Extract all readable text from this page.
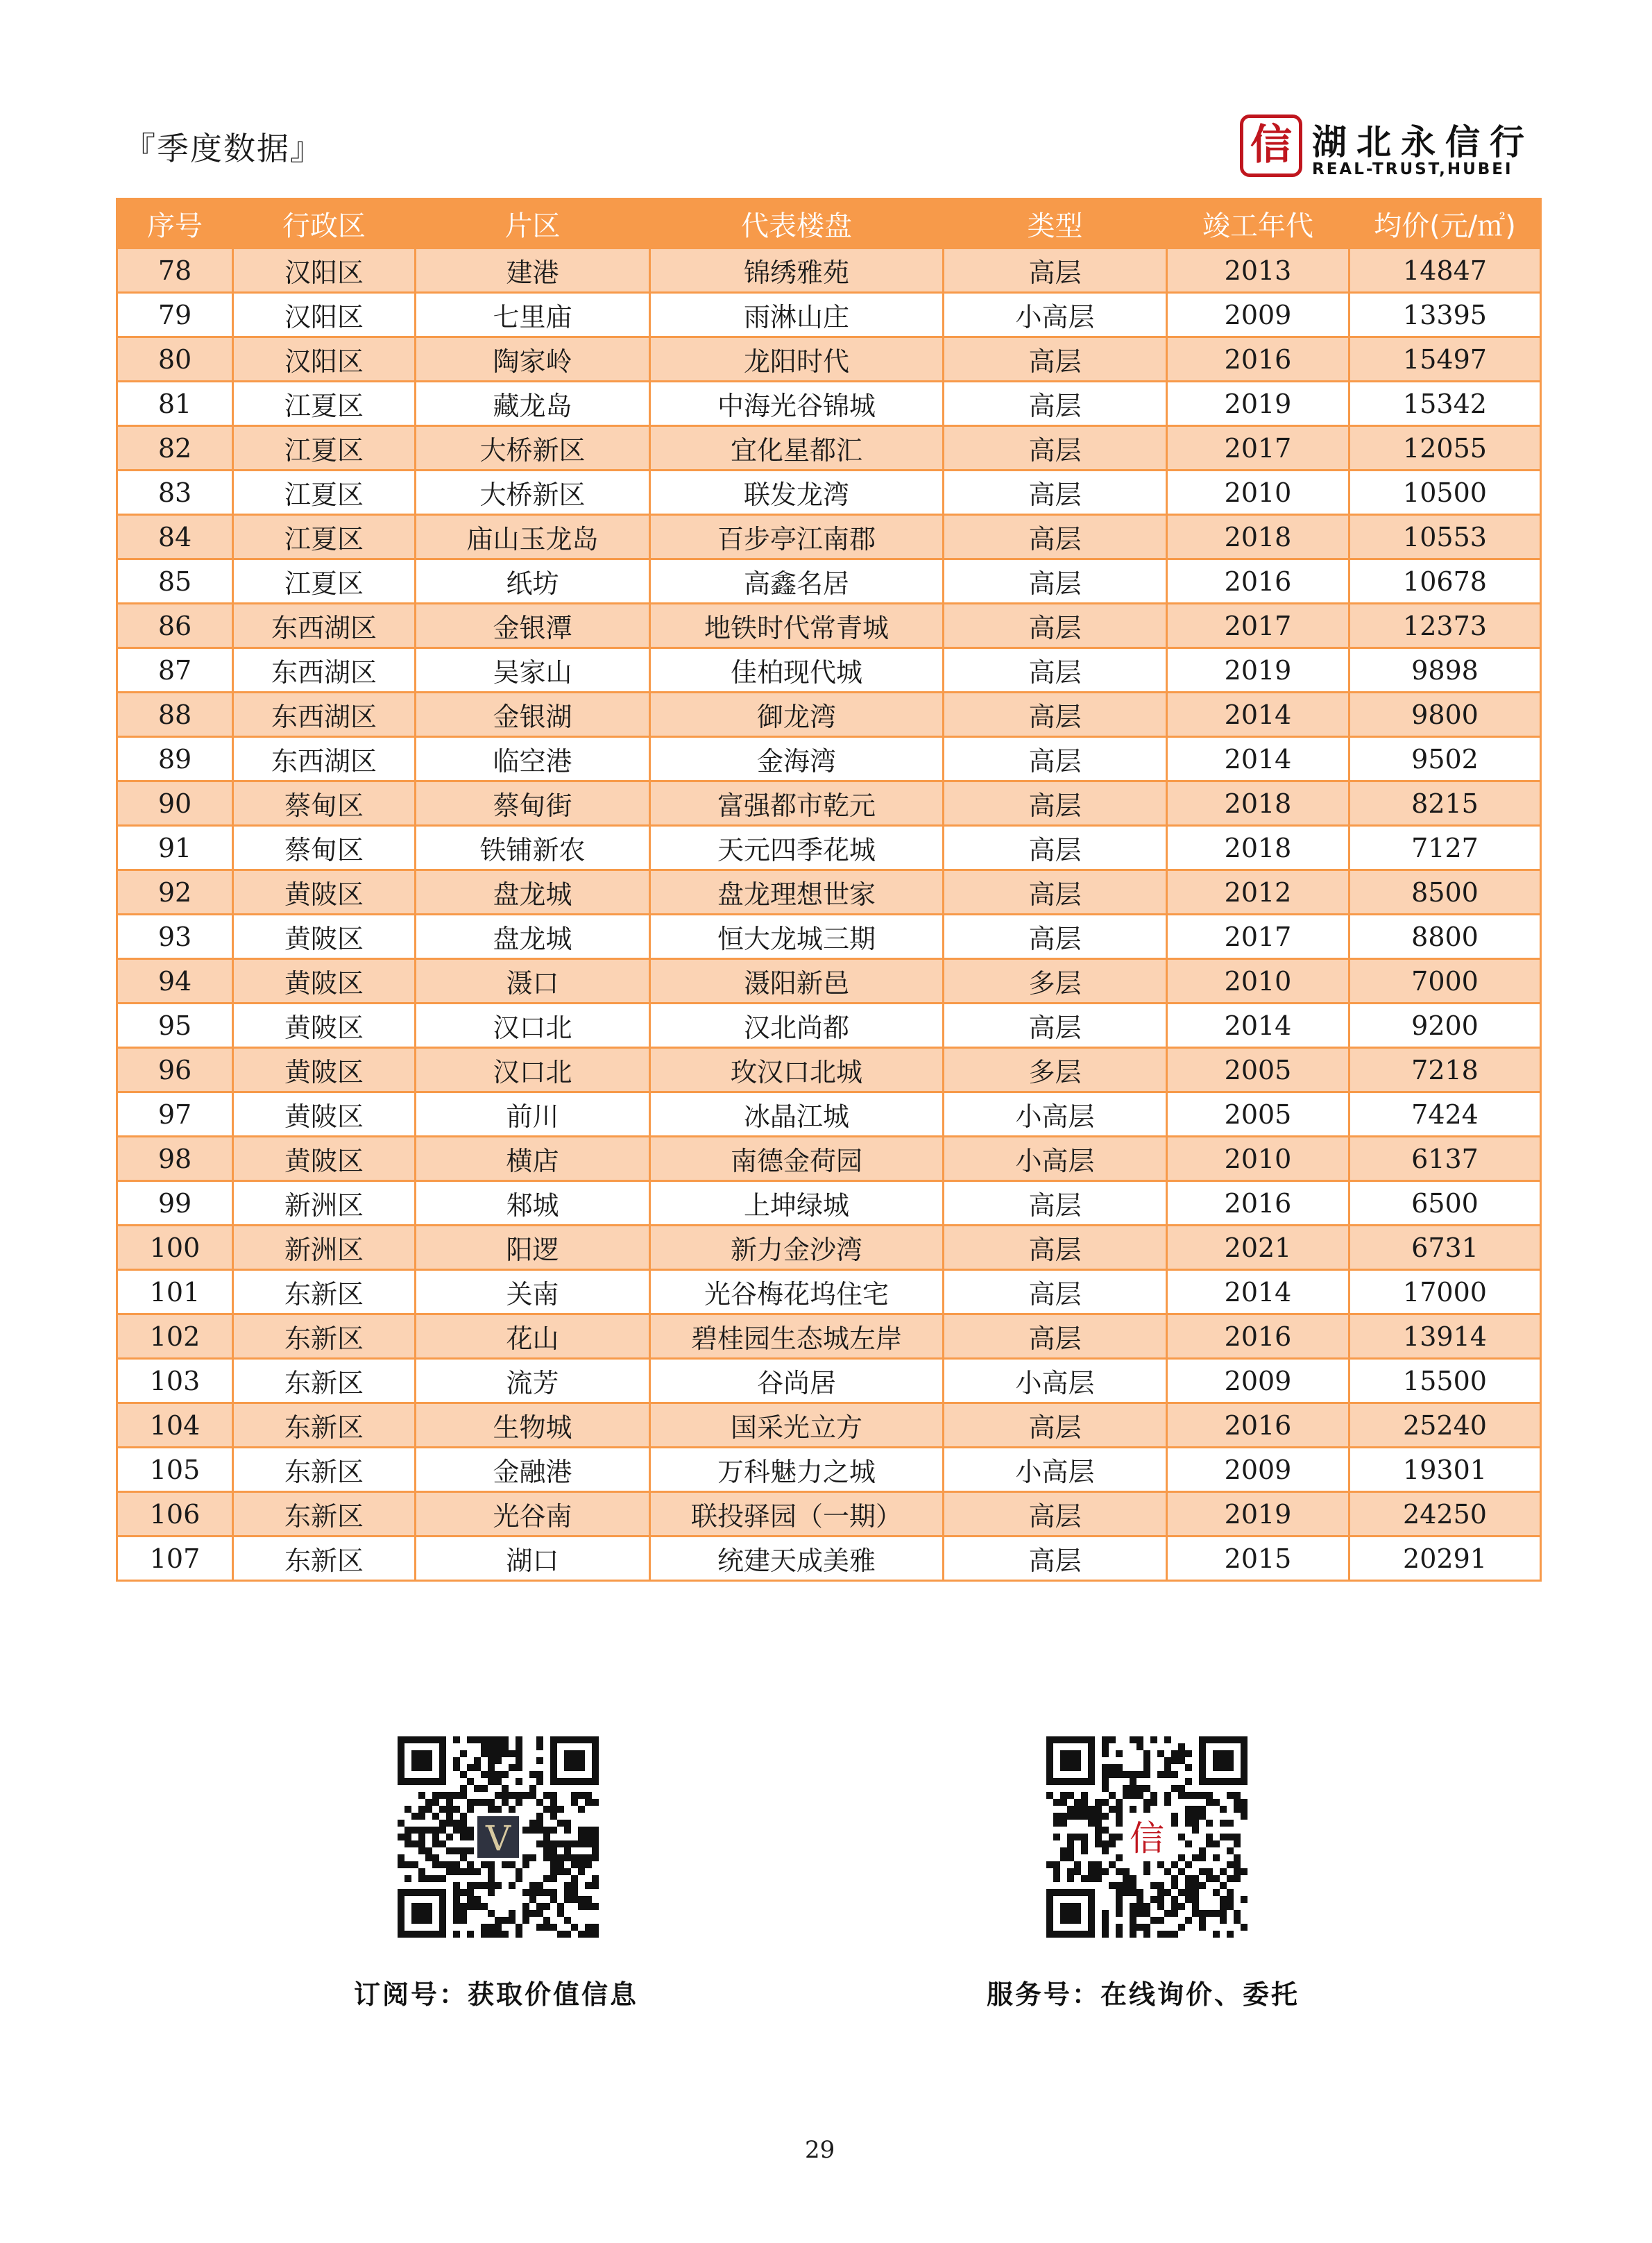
『季度数据』	信 湖北永信行
REAL-TRUST,HUBEI
序号	行政区	片区	代表楼盘	类型	竣工年代	均价(元/㎡)
78	汉阳区	建港	锦绣雅苑	高层	2013	14847
79	汉阳区	七里庙	雨淋山庄	小高层	2009	13395
80	汉阳区	陶家岭	龙阳时代	高层	2016	15497
81	江夏区	藏龙岛	中海光谷锦城	高层	2019	15342
82	江夏区	大桥新区	宜化星都汇	高层	2017	12055
83	江夏区	大桥新区	联发龙湾	高层	2010	10500
84	江夏区	庙山玉龙岛	百步亭江南郡	高层	2018	10553
85	江夏区	纸坊	高鑫名居	高层	2016	10678
86	东西湖区	金银潭	地铁时代常青城	高层	2017	12373
87	东西湖区	吴家山	佳柏现代城	高层	2019	9898
88	东西湖区	金银湖	御龙湾	高层	2014	9800
89	东西湖区	临空港	金海湾	高层	2014	9502
90	蔡甸区	蔡甸街	富强都市乾元	高层	2018	8215
91	蔡甸区	铁铺新农	天元四季花城	高层	2018	7127
92	黄陂区	盘龙城	盘龙理想世家	高层	2012	8500
93	黄陂区	盘龙城	恒大龙城三期	高层	2017	8800
94	黄陂区	滠口	滠阳新邑	多层	2010	7000
95	黄陂区	汉口北	汉北尚都	高层	2014	9200
96	黄陂区	汉口北	玫汉口北城	多层	2005	7218
97	黄陂区	前川	冰晶江城	小高层	2005	7424
98	黄陂区	横店	南德金荷园	小高层	2010	6137
99	新洲区	邾城	上坤绿城	高层	2016	6500
100	新洲区	阳逻	新力金沙湾	高层	2021	6731
101	东新区	关南	光谷梅花坞住宅	高层	2014	17000
102	东新区	花山	碧桂园生态城左岸	高层	2016	13914
103	东新区	流芳	谷尚居	小高层	2009	15500
104	东新区	生物城	国采光立方	高层	2016	25240
105	东新区	金融港	万科魅力之城	小高层	2009	19301
106	东新区	光谷南	联投驿园（一期）	高层	2019	24250
107	东新区	湖口	统建天成美雅	高层	2015	20291
V
订阅号：获取价值信息
信
服务号：在线询价、委托
29
